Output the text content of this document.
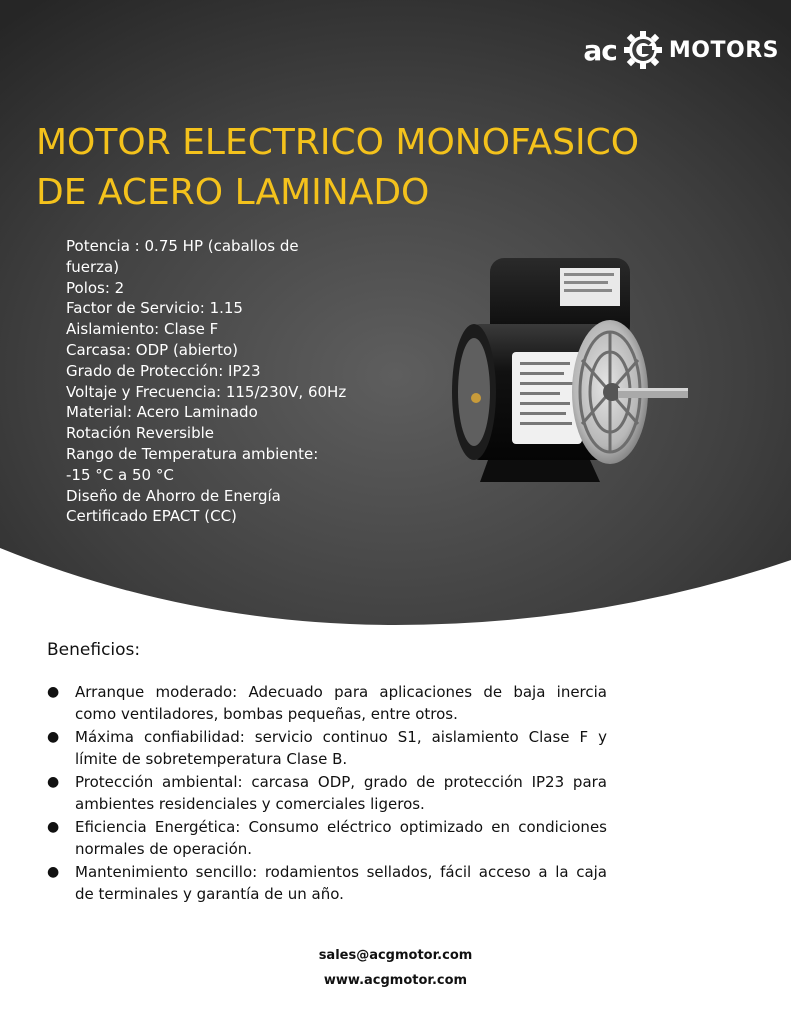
ac MOTORS
MOTOR ELECTRICO MONOFASICO
DE ACERO LAMINADO
Potencia : 0.75 HP (caballos de
fuerza)
Polos: 2
Factor de Servicio: 1.15
Aislamiento: Clase F
Carcasa: ODP (abierto)
Grado de Protección: IP23
Voltaje y Frecuencia: 115/230V, 60Hz
Material: Acero Laminado
Rotación Reversible
Rango de Temperatura ambiente:
-15 °C a 50 °C
Diseño de Ahorro de Energía
Certificado EPACT (CC)
Beneficios:
● Arranque moderado: Adecuado para aplicaciones de baja inercia como ventiladores, bombas pequeñas, entre otros.
● Máxima confiabilidad: servicio continuo S1, aislamiento Clase F y límite de sobretemperatura Clase B.
● Protección ambiental: carcasa ODP, grado de protección IP23 para ambientes residenciales y comerciales ligeros.
● Eficiencia Energética: Consumo eléctrico optimizado en condiciones normales de operación.
● Mantenimiento sencillo: rodamientos sellados, fácil acceso a la caja de terminales y garantía de un año.
sales@acgmotor.com
www.acgmotor.com
